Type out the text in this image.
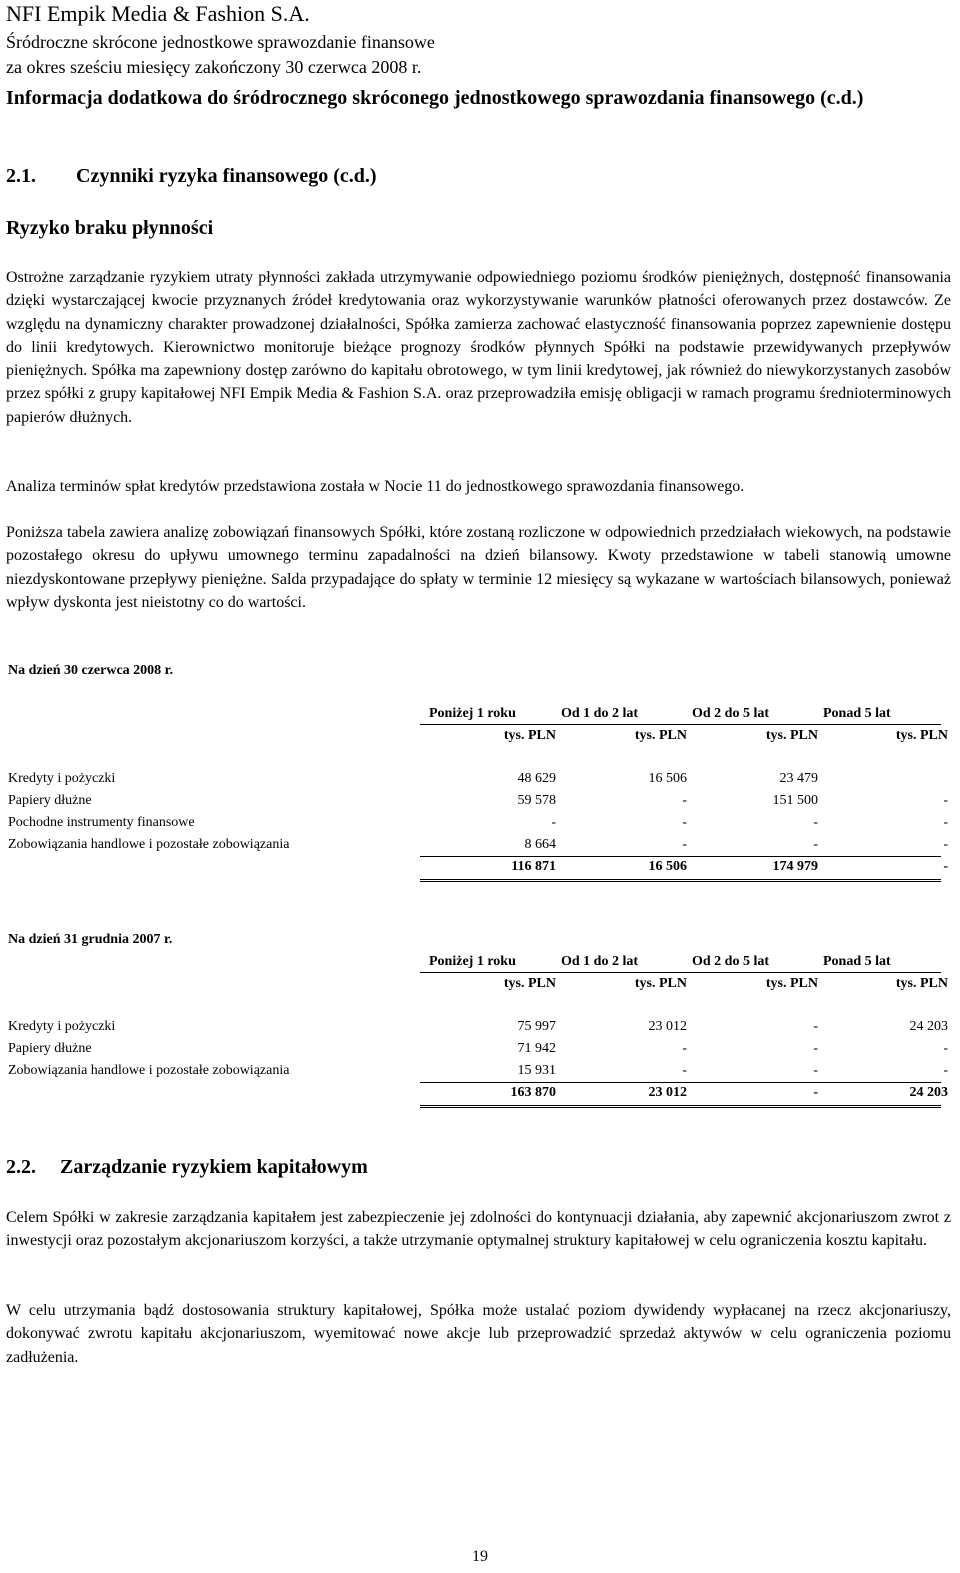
NFI Empik Media & Fashion S.A.
Śródroczne skrócone jednostkowe sprawozdanie finansowe
za okres sześciu miesięcy zakończony 30 czerwca 2008 r.
Informacja dodatkowa do śródrocznego skróconego jednostkowego sprawozdania finansowego (c.d.)
2.1. Czynniki ryzyka finansowego (c.d.)
Ryzyko braku płynności
Ostrożne zarządzanie ryzykiem utraty płynności zakłada utrzymywanie odpowiedniego poziomu środków pieniężnych, dostępność finansowania dzięki wystarczającej kwocie przyznanych źródeł kredytowania oraz wykorzystywanie warunków płatności oferowanych przez dostawców. Ze względu na dynamiczny charakter prowadzonej działalności, Spółka zamierza zachować elastyczność finansowania poprzez zapewnienie dostępu do linii kredytowych. Kierownictwo monitoruje bieżące prognozy środków płynnych Spółki na podstawie przewidywanych przepływów pieniężnych. Spółka ma zapewniony dostęp zarówno do kapitału obrotowego, w tym linii kredytowej, jak również do niewykorzystanych zasobów przez spółki z grupy kapitałowej NFI Empik Media & Fashion S.A. oraz przeprowadziła emisję obligacji w ramach programu średnioterminowych papierów dłużnych.
Analiza terminów spłat kredytów przedstawiona została w Nocie 11 do jednostkowego sprawozdania finansowego.
Poniższa tabela zawiera analizę zobowiązań finansowych Spółki, które zostaną rozliczone w odpowiednich przedziałach wiekowych, na podstawie pozostałego okresu do upływu umownego terminu zapadalności na dzień bilansowy. Kwoty przedstawione w tabeli stanowią umowne niezdyskontowane przepływy pieniężne. Salda przypadające do spłaty w terminie 12 miesięcy są wykazane w wartościach bilansowych, ponieważ wpływ dyskonta jest nieistotny co do wartości.
Na dzień 30 czerwca 2008 r.
Poniżej 1 roku	Od 1 do 2 lat	Od 2 do 5 lat	Ponad 5 lat
tys. PLN	tys. PLN	tys. PLN	tys. PLN
Kredyty i pożyczki	48 629	16 506	23 479
Papiery dłużne	59 578	-	151 500	-
Pochodne instrumenty finansowe	-	-	-	-
Zobowiązania handlowe i pozostałe zobowiązania	8 664	-	-	-
116 871	16 506	174 979	-
Na dzień 31 grudnia 2007 r.
Poniżej 1 roku	Od 1 do 2 lat	Od 2 do 5 lat	Ponad 5 lat
tys. PLN	tys. PLN	tys. PLN	tys. PLN
Kredyty i pożyczki	75 997	23 012	-	24 203
Papiery dłużne	71 942	-	-	-
Zobowiązania handlowe i pozostałe zobowiązania	15 931	-	-	-
163 870	23 012	-	24 203
2.2. Zarządzanie ryzykiem kapitałowym
Celem Spółki w zakresie zarządzania kapitałem jest zabezpieczenie jej zdolności do kontynuacji działania, aby zapewnić akcjonariuszom zwrot z inwestycji oraz pozostałym akcjonariuszom korzyści, a także utrzymanie optymalnej struktury kapitałowej w celu ograniczenia kosztu kapitału.
W celu utrzymania bądź dostosowania struktury kapitałowej, Spółka może ustalać poziom dywidendy wypłacanej na rzecz akcjonariuszy, dokonywać zwrotu kapitału akcjonariuszom, wyemitować nowe akcje lub przeprowadzić sprzedaż aktywów w celu ograniczenia poziomu zadłużenia.
19
